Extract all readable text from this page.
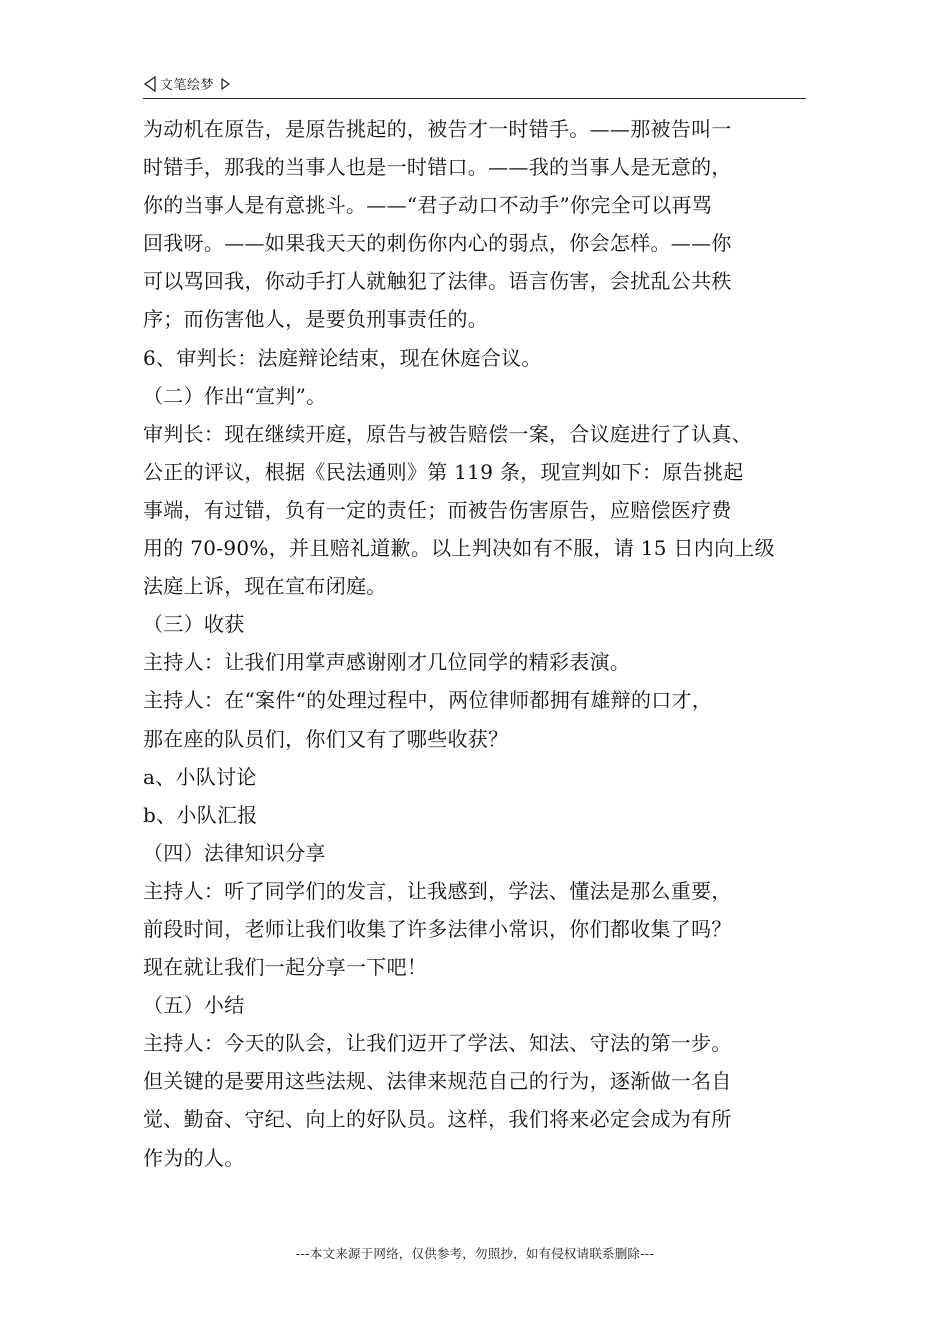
文笔绘梦
为动机在原告，是原告挑起的，被告才一时错手。——那被告叫一
时错手，那我的当事人也是一时错口。——我的当事人是无意的，
你的当事人是有意挑斗。——“君子动口不动手”你完全可以再骂
回我呀。——如果我天天的刺伤你内心的弱点，你会怎样。——你
可以骂回我，你动手打人就触犯了法律。语言伤害，会扰乱公共秩
序；而伤害他人，是要负刑事责任的。
6、审判长：法庭辩论结束，现在休庭合议。
（二）作出“宣判”。
审判长：现在继续开庭，原告与被告赔偿一案，合议庭进行了认真、
公正的评议，根据《民法通则》第 119 条，现宣判如下：原告挑起
事端，有过错，负有一定的责任；而被告伤害原告，应赔偿医疗费
用的 70-90%，并且赔礼道歉。以上判决如有不服，请 15 日内向上级
法庭上诉，现在宣布闭庭。
（三）收获
主持人：让我们用掌声感谢刚才几位同学的精彩表演。
主持人：在“案件“的处理过程中，两位律师都拥有雄辩的口才，
那在座的队员们，你们又有了哪些收获？
a、小队讨论
b、小队汇报
（四）法律知识分享
主持人：听了同学们的发言，让我感到，学法、懂法是那么重要，
前段时间，老师让我们收集了许多法律小常识，你们都收集了吗？
现在就让我们一起分享一下吧！
（五）小结
主持人：今天的队会，让我们迈开了学法、知法、守法的第一步。
但关键的是要用这些法规、法律来规范自己的行为，逐渐做一名自
觉、勤奋、守纪、向上的好队员。这样，我们将来必定会成为有所
作为的人。
---本文来源于网络，仅供参考，勿照抄，如有侵权请联系删除---
